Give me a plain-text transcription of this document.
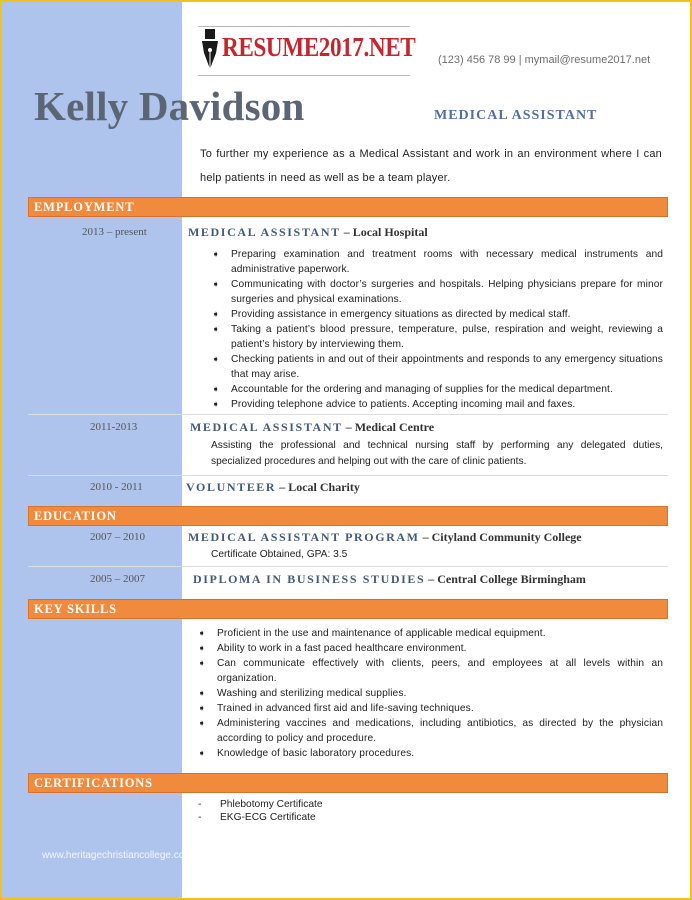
RESUME2017.NET (123) 456 78 99 | mymail@resume2017.net
Kelly Davidson	MEDICAL ASSISTANT
To further my experience as a Medical Assistant and work in an environment where I can help patients in need as well as be a team player.
EMPLOYMENT
2013 – present	MEDICAL ASSISTANT – Local Hospital
➧ Preparing examination and treatment rooms with necessary medical instruments and administrative paperwork.
➧ Communicating with doctor’s surgeries and hospitals. Helping physicians prepare for minor surgeries and physical examinations.
➧ Providing assistance in emergency situations as directed by medical staff.
➧ Taking a patient’s blood pressure, temperature, pulse, respiration and weight, reviewing a patient’s history by interviewing them.
➧ Checking patients in and out of their appointments and responds to any emergency situations that may arise.
➧ Accountable for the ordering and managing of supplies for the medical department.
➧ Providing telephone advice to patients. Accepting incoming mail and faxes.
2011-2013	MEDICAL ASSISTANT – Medical Centre
Assisting the professional and technical nursing staff by performing any delegated duties, specialized procedures and helping out with the care of clinic patients.
2010 - 2011	VOLUNTEER – Local Charity
EDUCATION
2007 – 2010	MEDICAL ASSISTANT PROGRAM – Cityland Community College
Certificate Obtained, GPA: 3.5
2005 – 2007	DIPLOMA IN BUSINESS STUDIES – Central College Birmingham
KEY SKILLS
➧ Proficient in the use and maintenance of applicable medical equipment.
➧ Ability to work in a fast paced healthcare environment.
➧ Can communicate effectively with clients, peers, and employees at all levels within an organization.
➧ Washing and sterilizing medical supplies.
➧ Trained in advanced first aid and life-saving techniques.
➧ Administering vaccines and medications, including antibiotics, as directed by the physician according to policy and procedure.
➧ Knowledge of basic laboratory procedures.
CERTIFICATIONS
- Phlebotomy Certificate
- EKG-ECG Certificate
www.heritagechristiancollege.com
